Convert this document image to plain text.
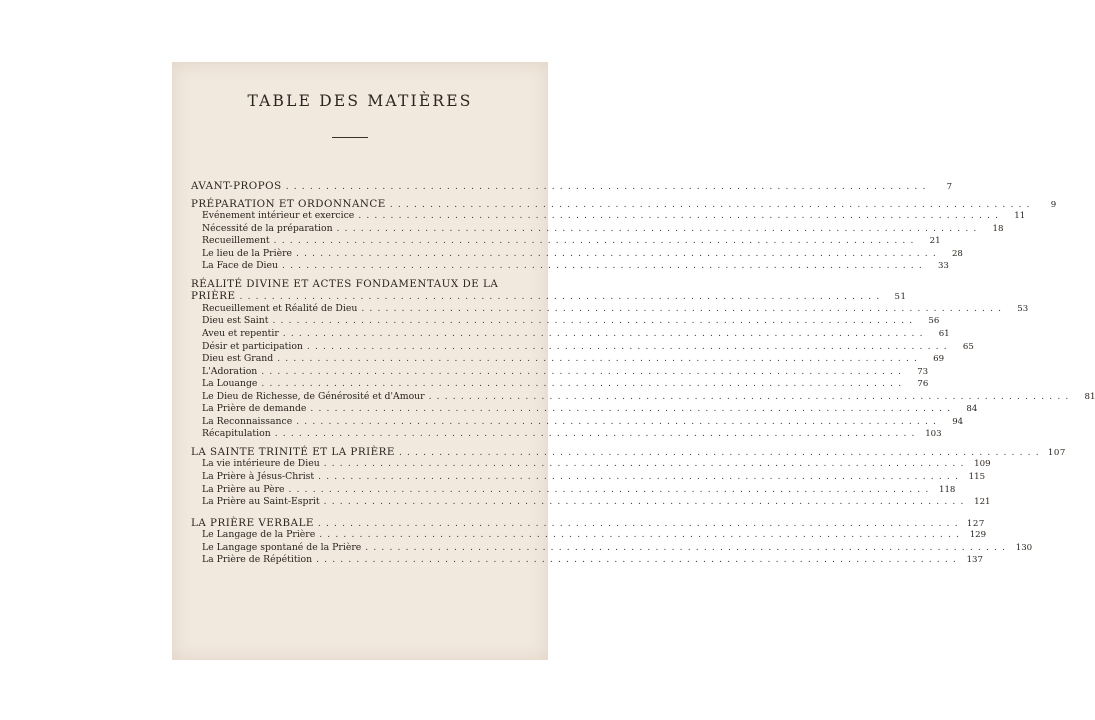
TABLE DES MATIÈRES
AVANT-PROPOS ................................................................................	7
PRÉPARATION ET ORDONNANCE ................................................................................	9
Evénement intérieur et exercice ................................................................................	11
Nécessité de la préparation ................................................................................	18
Recueillement ................................................................................	21
Le lieu de la Prière ................................................................................	28
La Face de Dieu ................................................................................	33
RÉALITÉ DIVINE ET ACTES FONDAMENTAUX DE LA
PRIÈRE ................................................................................	51
Recueillement et Réalité de Dieu ................................................................................	53
Dieu est Saint ................................................................................	56
Aveu et repentir ................................................................................	61
Désir et participation ................................................................................	65
Dieu est Grand ................................................................................	69
L'Adoration ................................................................................	73
La Louange ................................................................................	76
Le Dieu de Richesse, de Générosité et d'Amour ................................................................................	81
La Prière de demande ................................................................................	84
La Reconnaissance ................................................................................	94
Récapitulation ................................................................................ 103
LA SAINTE TRINITÉ ET LA PRIÈRE ................................................................................ 107
La vie intérieure de Dieu ................................................................................ 109
La Prière à Jésus-Christ ................................................................................ 115
La Prière au Père ................................................................................ 118
La Prière au Saint-Esprit ................................................................................ 121
LA PRIÈRE VERBALE ................................................................................ 127
Le Langage de la Prière ................................................................................ 129
Le Langage spontané de la Prière ................................................................................ 130
La Prière de Répétition ................................................................................ 137
